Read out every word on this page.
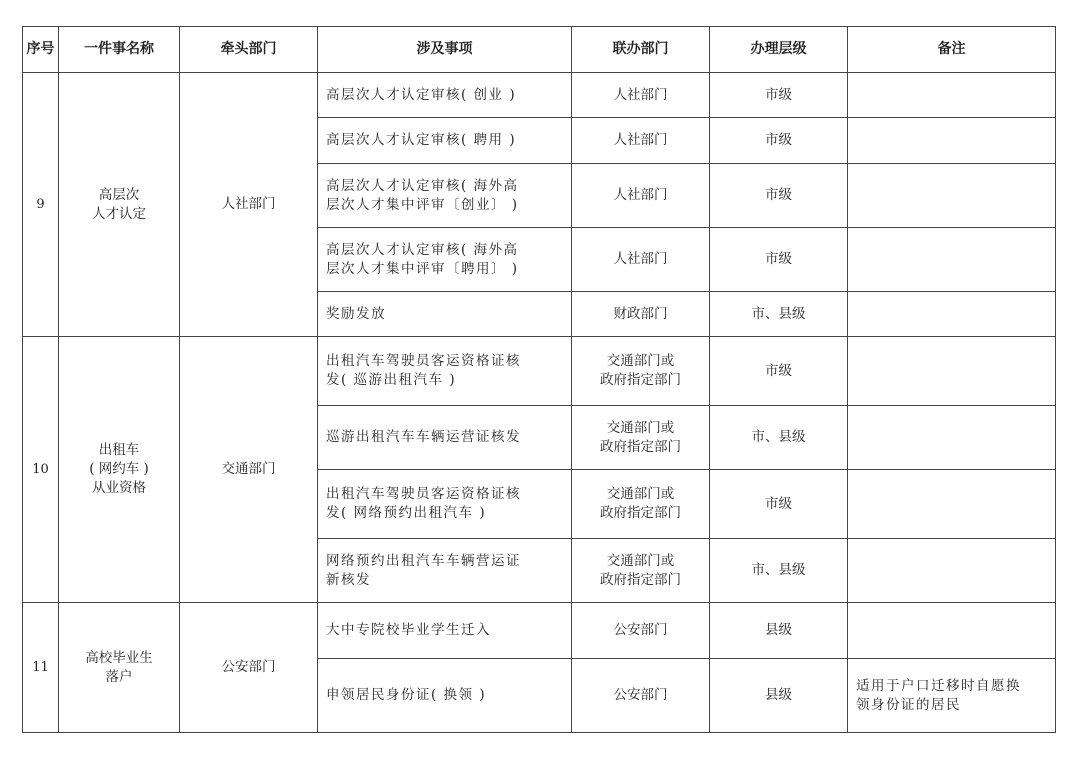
序号	一件事名称	牵头部门	涉及事项	联办部门	办理层级	备注
9	高层次
人才认定	人社部门	高层次人才认定审核( 创业 )	人社部门	市级	

			高层次人才认定审核( 聘用 )	人社部门	市级	

			高层次人才认定审核( 海外高
层次人才集中评审〔创业〕 )	人社部门	市级	

			高层次人才认定审核( 海外高
层次人才集中评审〔聘用〕 )	人社部门	市级	

			奖励发放	财政部门	市、县级	
10	出租车
( 网约车 )
从业资格	交通部门	出租汽车驾驶员客运资格证核
发( 巡游出租汽车 )	交通部门或
政府指定部门	市级	

			巡游出租汽车车辆运营证核发	交通部门或
政府指定部门	市、县级	

			出租汽车驾驶员客运资格证核
发( 网络预约出租汽车 )	交通部门或
政府指定部门	市级	

			网络预约出租汽车车辆营运证
新核发	交通部门或
政府指定部门	市、县级	
11	高校毕业生
落户	公安部门	大中专院校毕业学生迁入	公安部门	县级	

			申领居民身份证( 换领 )	公安部门	县级	适用于户口迁移时自愿换
领身份证的居民
